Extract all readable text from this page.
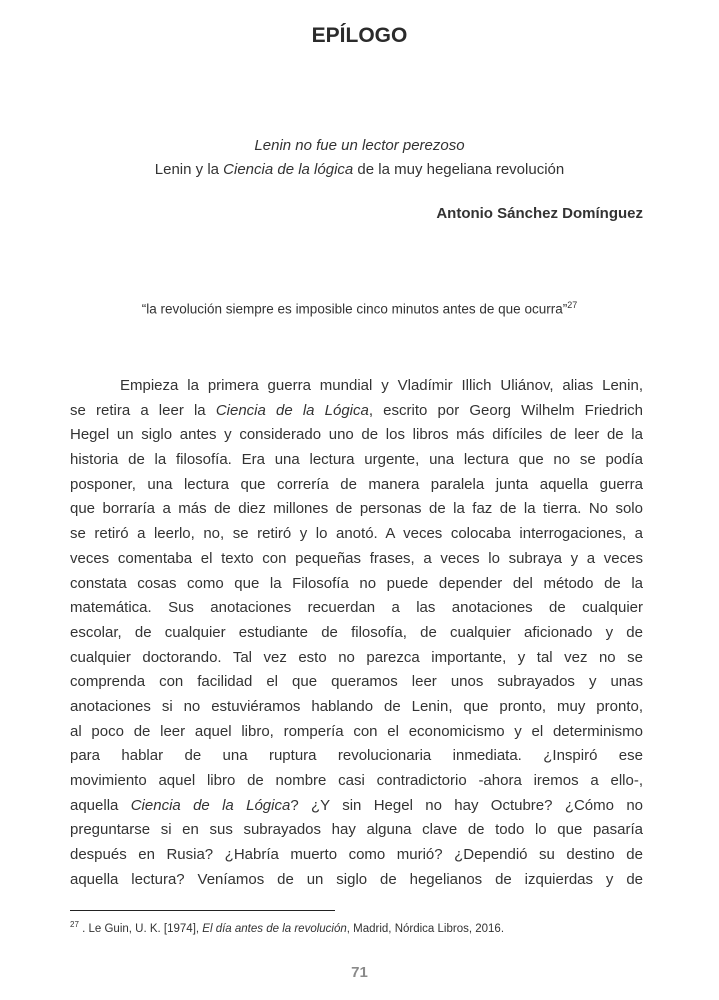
EPÍLOGO
Lenin no fue un lector perezoso
Lenin y la Ciencia de la lógica de la muy hegeliana revolución
Antonio Sánchez Domínguez
“la revolución siempre es imposible cinco minutos antes de que ocurra”$^{27}$
Empieza la primera guerra mundial y Vladímir Illich Uliánov, alias Lenin,
se retira a leer la Ciencia de la Lógica, escrito por Georg Wilhelm Friedrich
Hegel un siglo antes y considerado uno de los libros más difíciles de leer de la
historia de la filosofía. Era una lectura urgente, una lectura que no se podía
posponer, una lectura que correría de manera paralela junta aquella guerra
que borraría a más de diez millones de personas de la faz de la tierra. No solo
se retiró a leerlo, no, se retiró y lo anotó. A veces colocaba interrogaciones, a
veces comentaba el texto con pequeñas frases, a veces lo subraya y a veces
constata cosas como que la Filosofía no puede depender del método de la
matemática. Sus anotaciones recuerdan a las anotaciones de cualquier
escolar, de cualquier estudiante de filosofía, de cualquier aficionado y de
cualquier doctorando. Tal vez esto no parezca importante, y tal vez no se
comprenda con facilidad el que queramos leer unos subrayados y unas
anotaciones si no estuviéramos hablando de Lenin, que pronto, muy pronto,
al poco de leer aquel libro, rompería con el economicismo y el determinismo
para hablar de una ruptura revolucionaria inmediata. ¿Inspiró ese
movimiento aquel libro de nombre casi contradictorio -ahora iremos a ello-,
aquella Ciencia de la Lógica? ¿Y sin Hegel no hay Octubre? ¿Cómo no
preguntarse si en sus subrayados hay alguna clave de todo lo que pasaría
después en Rusia? ¿Habría muerto como murió? ¿Dependió su destino de
aquella lectura? Veníamos de un siglo de hegelianos de izquierdas y de
$^{27}$ . Le Guin, U. K. [1974], El día antes de la revolución, Madrid, Nórdica Libros, 2016.
71
